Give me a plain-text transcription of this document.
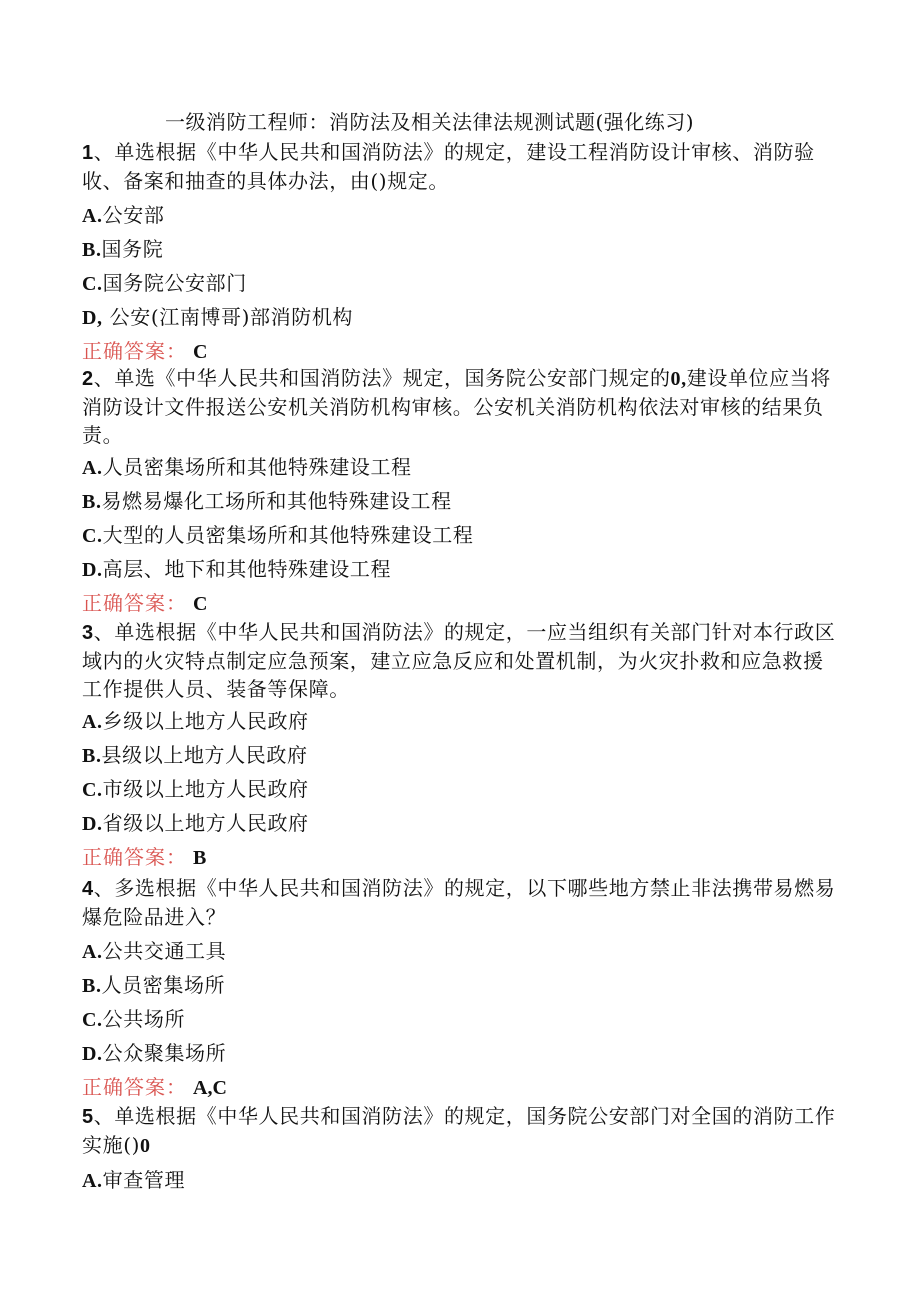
一级消防工程师：消防法及相关法律法规测试题(强化练习)

1、单选根据《中华人民共和国消防法》的规定，建设工程消防设计审核、消防验收、备案和抽查的具体办法，由()规定。

A.公安部
B.国务院
C.国务院公安部门
D, 公安(江南博哥)部消防机构
正确答案： C

2、单选《中华人民共和国消防法》规定，国务院公安部门规定的0,建设单位应当将消防设计文件报送公安机关消防机构审核。公安机关消防机构依法对审核的结果负责。

A.人员密集场所和其他特殊建设工程
B.易燃易爆化工场所和其他特殊建设工程
C.大型的人员密集场所和其他特殊建设工程
D.高层、地下和其他特殊建设工程
正确答案： C

3、单选根据《中华人民共和国消防法》的规定，一应当组织有关部门针对本行政区域内的火灾特点制定应急预案，建立应急反应和处置机制，为火灾扑救和应急救援工作提供人员、装备等保障。

A.乡级以上地方人民政府
B.县级以上地方人民政府
C.市级以上地方人民政府
D.省级以上地方人民政府
正确答案： B

4、多选根据《中华人民共和国消防法》的规定，以下哪些地方禁止非法携带易燃易爆危险品进入？

A.公共交通工具
B.人员密集场所
C.公共场所
D.公众聚集场所
正确答案： A,C

5、单选根据《中华人民共和国消防法》的规定，国务院公安部门对全国的消防工作实施()0

A.审查管理
